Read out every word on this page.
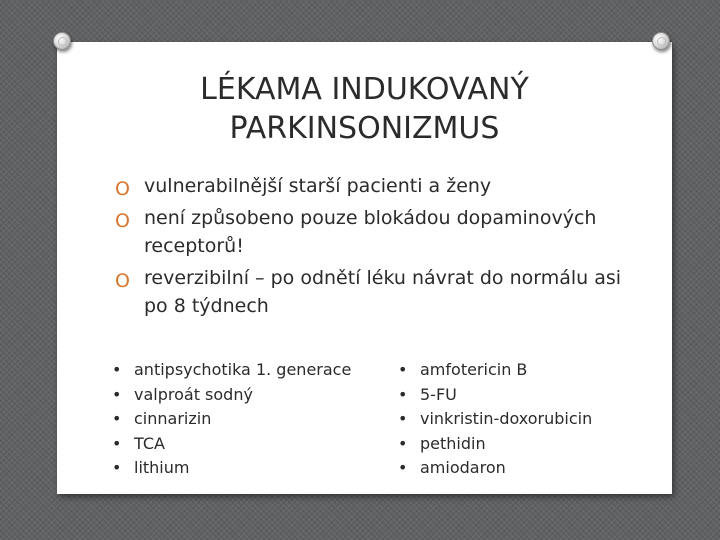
LÉKAMA INDUKOVANÝ
PARKINSONIZMUS
O vulnerabilnější starší pacienti a ženy
O není způsobeno pouze blokádou dopaminových receptorů!
O reverzibilní – po odnětí léku návrat do normálu asi po 8 týdnech
• antipsychotika 1. generace
• valproát sodný
• cinnarizin
• TCA
• lithium
• amfotericin B
• 5-FU
• vinkristin-doxorubicin
• pethidin
• amiodaron
